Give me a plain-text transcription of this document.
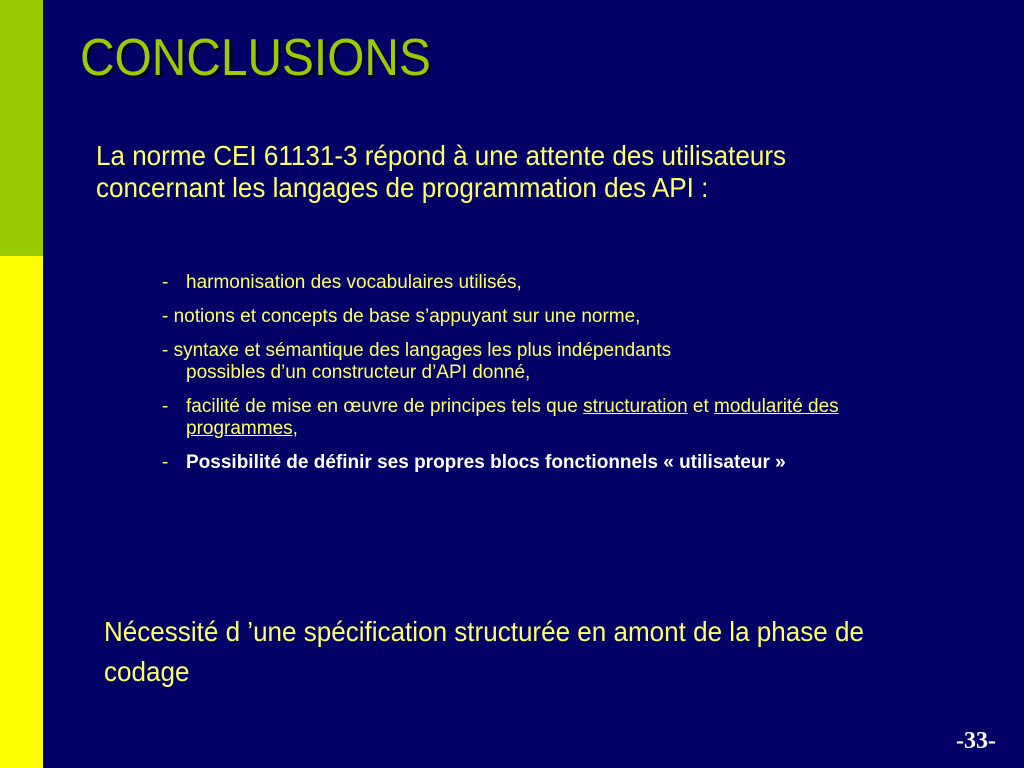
CONCLUSIONS

La norme CEI 61131-3 répond à une attente des utilisateurs concernant les langages de programmation des API :

- harmonisation des vocabulaires utilisés,
- notions et concepts de base s’appuyant sur une norme,
- syntaxe et sémantique des langages les plus indépendants
possibles d’un constructeur d’API donné,
- facilité de mise en œuvre de principes tels que structuration et modularité des programmes,
- Possibilité de définir ses propres blocs fonctionnels « utilisateur »

Nécessité d ’une spécification structurée en amont de la phase de codage

-33-
